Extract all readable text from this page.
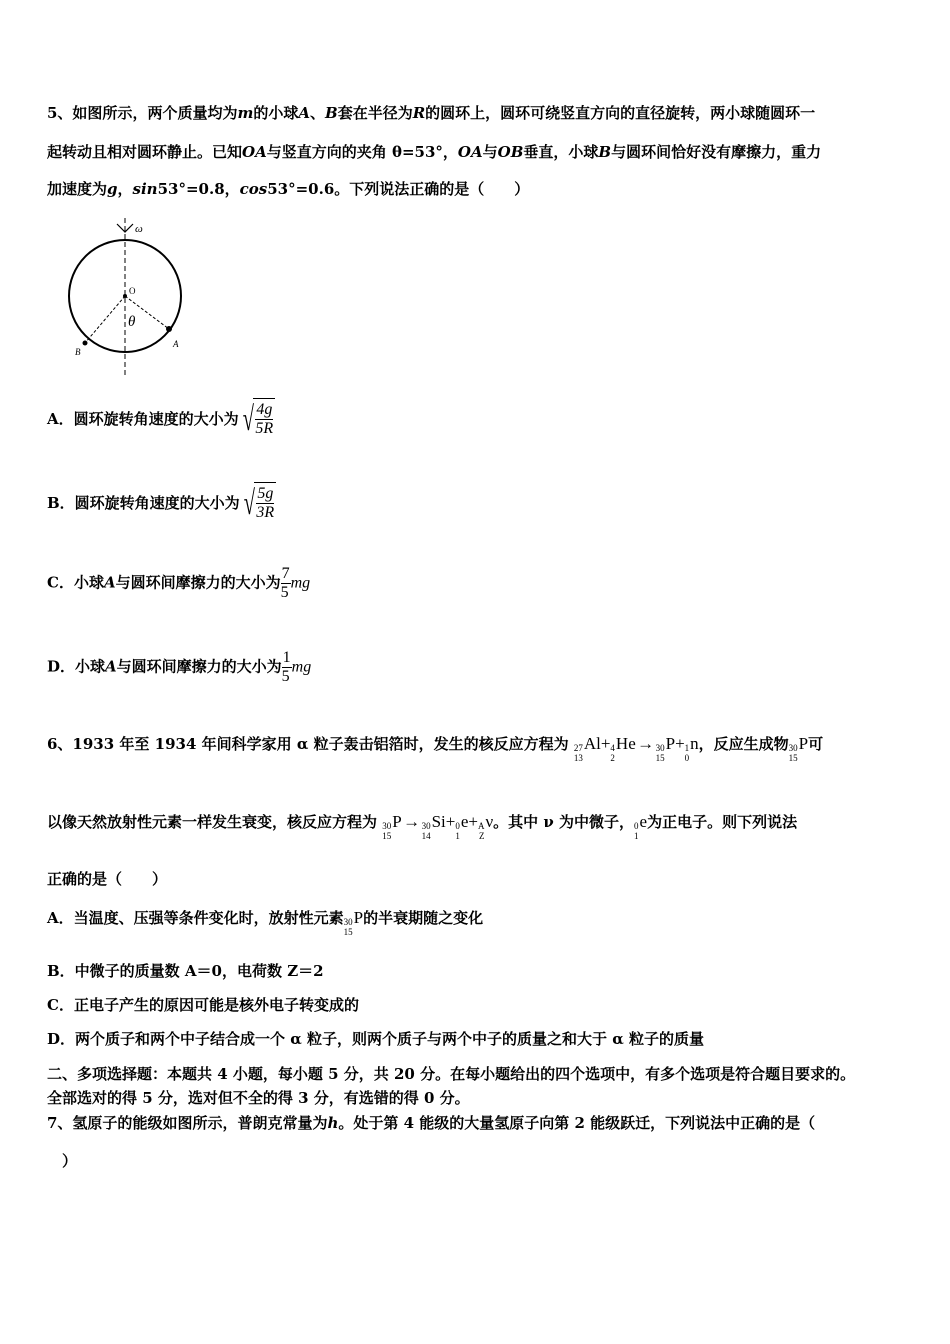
5、如图所示，两个质量均为m的小球A、B套在半径为R的圆环上，圆环可绕竖直方向的直径旋转，两小球随圆环一
起转动且相对圆环静止。已知OA与竖直方向的夹角 θ=53°，OA与OB垂直，小球B与圆环间恰好没有摩擦力，重力
加速度为g，sin53°=0.8，cos53°=0.6。下列说法正确的是（　　）
ω
O
θ
A
B
A．圆环旋转角速度的大小为 √ $\frac{4g}{5R}$
B．圆环旋转角速度的大小为 √ $\frac{5g}{3R}$
C．小球A与圆环间摩擦力的大小为 $\frac{7}{5}$ mg
D．小球A与圆环间摩擦力的大小为 $\frac{1}{5}$ mg
6、1933 年至 1934 年间科学家用 α 粒子轰击铝箔时，发生的核反应方程为 27
13
Al+ 4
2
He →  30
15
P+ 1
0
n，反应生成物 30
15
P可
以像天然放射性元素一样发生衰变，核反应方程为 30
15
P →  30
14
Si+ 0
1
e+ A
Z
ν。其中 ν 为中微子， 0
1
e为正电子。则下列说法
正确的是（　　）
A．当温度、压强等条件变化时，放射性元素 30
15
P的半衰期随之变化
B．中微子的质量数 A＝0，电荷数 Z＝2
C．正电子产生的原因可能是核外电子转变成的
D．两个质子和两个中子结合成一个 α 粒子，则两个质子与两个中子的质量之和大于 α 粒子的质量
二、多项选择题：本题共 4 小题，每小题 5 分，共 20 分。在每小题给出的四个选项中，有多个选项是符合题目要求的。
全部选对的得 5 分，选对但不全的得 3 分，有选错的得 0 分。
7、氢原子的能级如图所示，普朗克常量为h。处于第 4 能级的大量氢原子向第 2 能级跃迁，下列说法中正确的是（
）
